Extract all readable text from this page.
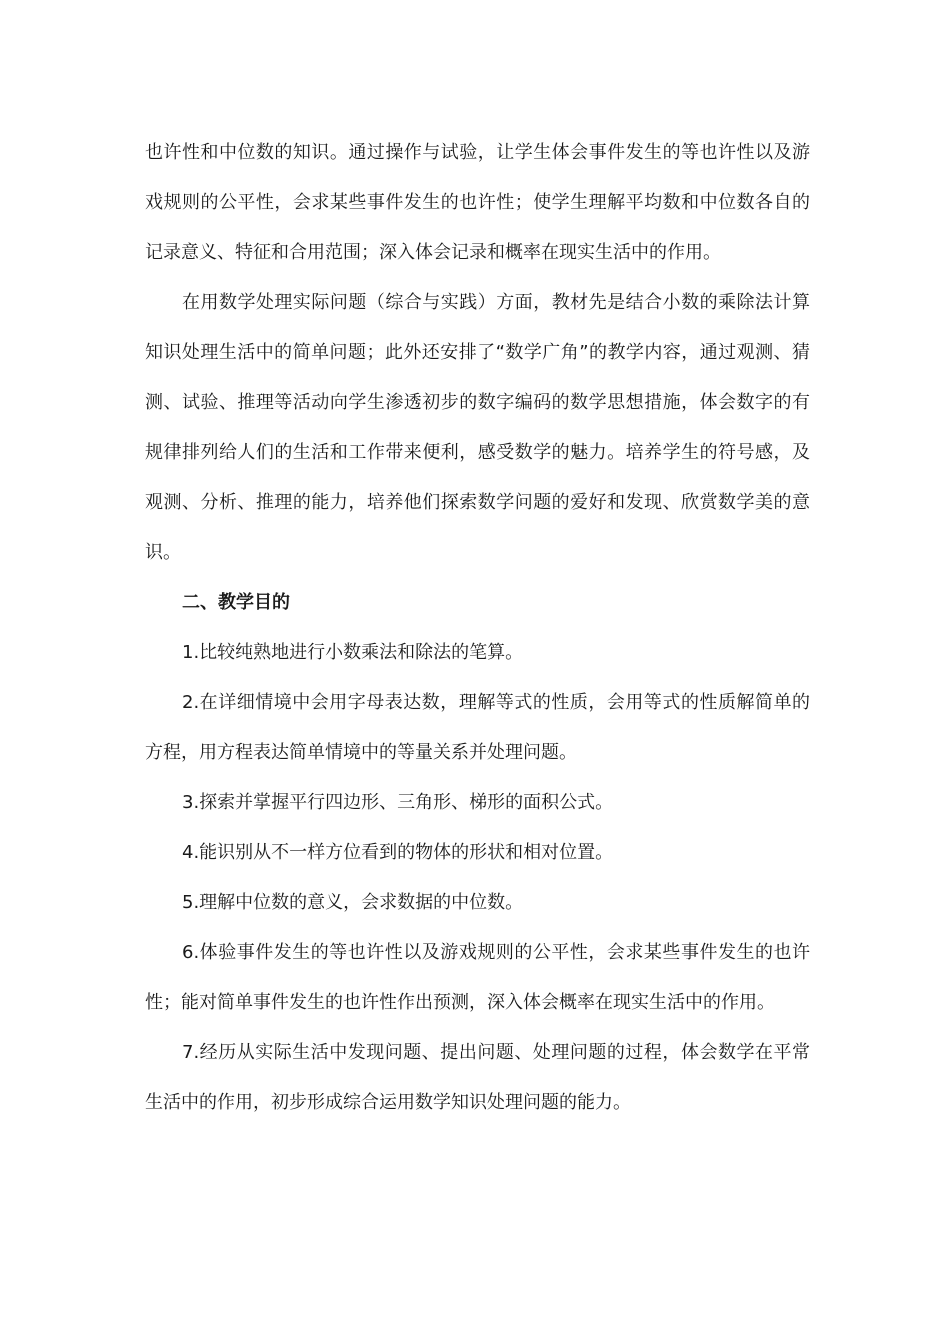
也许性和中位数的知识。通过操作与试验，让学生体会事件发生的等也许性以及游戏规则的公平性，会求某些事件发生的也许性；使学生理解平均数和中位数各自的记录意义、特征和合用范围；深入体会记录和概率在现实生活中的作用。

在用数学处理实际问题（综合与实践）方面，教材先是结合小数的乘除法计算知识处理生活中的简单问题；此外还安排了“数学广角”的教学内容，通过观测、猜测、试验、推理等活动向学生渗透初步的数字编码的数学思想措施，体会数字的有规律排列给人们的生活和工作带来便利，感受数学的魅力。培养学生的符号感，及观测、分析、推理的能力，培养他们探索数学问题的爱好和发现、欣赏数学美的意识。

二、教学目的

1.比较纯熟地进行小数乘法和除法的笔算。

2.在详细情境中会用字母表达数，理解等式的性质，会用等式的性质解简单的方程，用方程表达简单情境中的等量关系并处理问题。

3.探索并掌握平行四边形、三角形、梯形的面积公式。

4.能识别从不一样方位看到的物体的形状和相对位置。

5.理解中位数的意义，会求数据的中位数。

6.体验事件发生的等也许性以及游戏规则的公平性，会求某些事件发生的也许性；能对简单事件发生的也许性作出预测，深入体会概率在现实生活中的作用。

7.经历从实际生活中发现问题、提出问题、处理问题的过程，体会数学在平常生活中的作用，初步形成综合运用数学知识处理问题的能力。
